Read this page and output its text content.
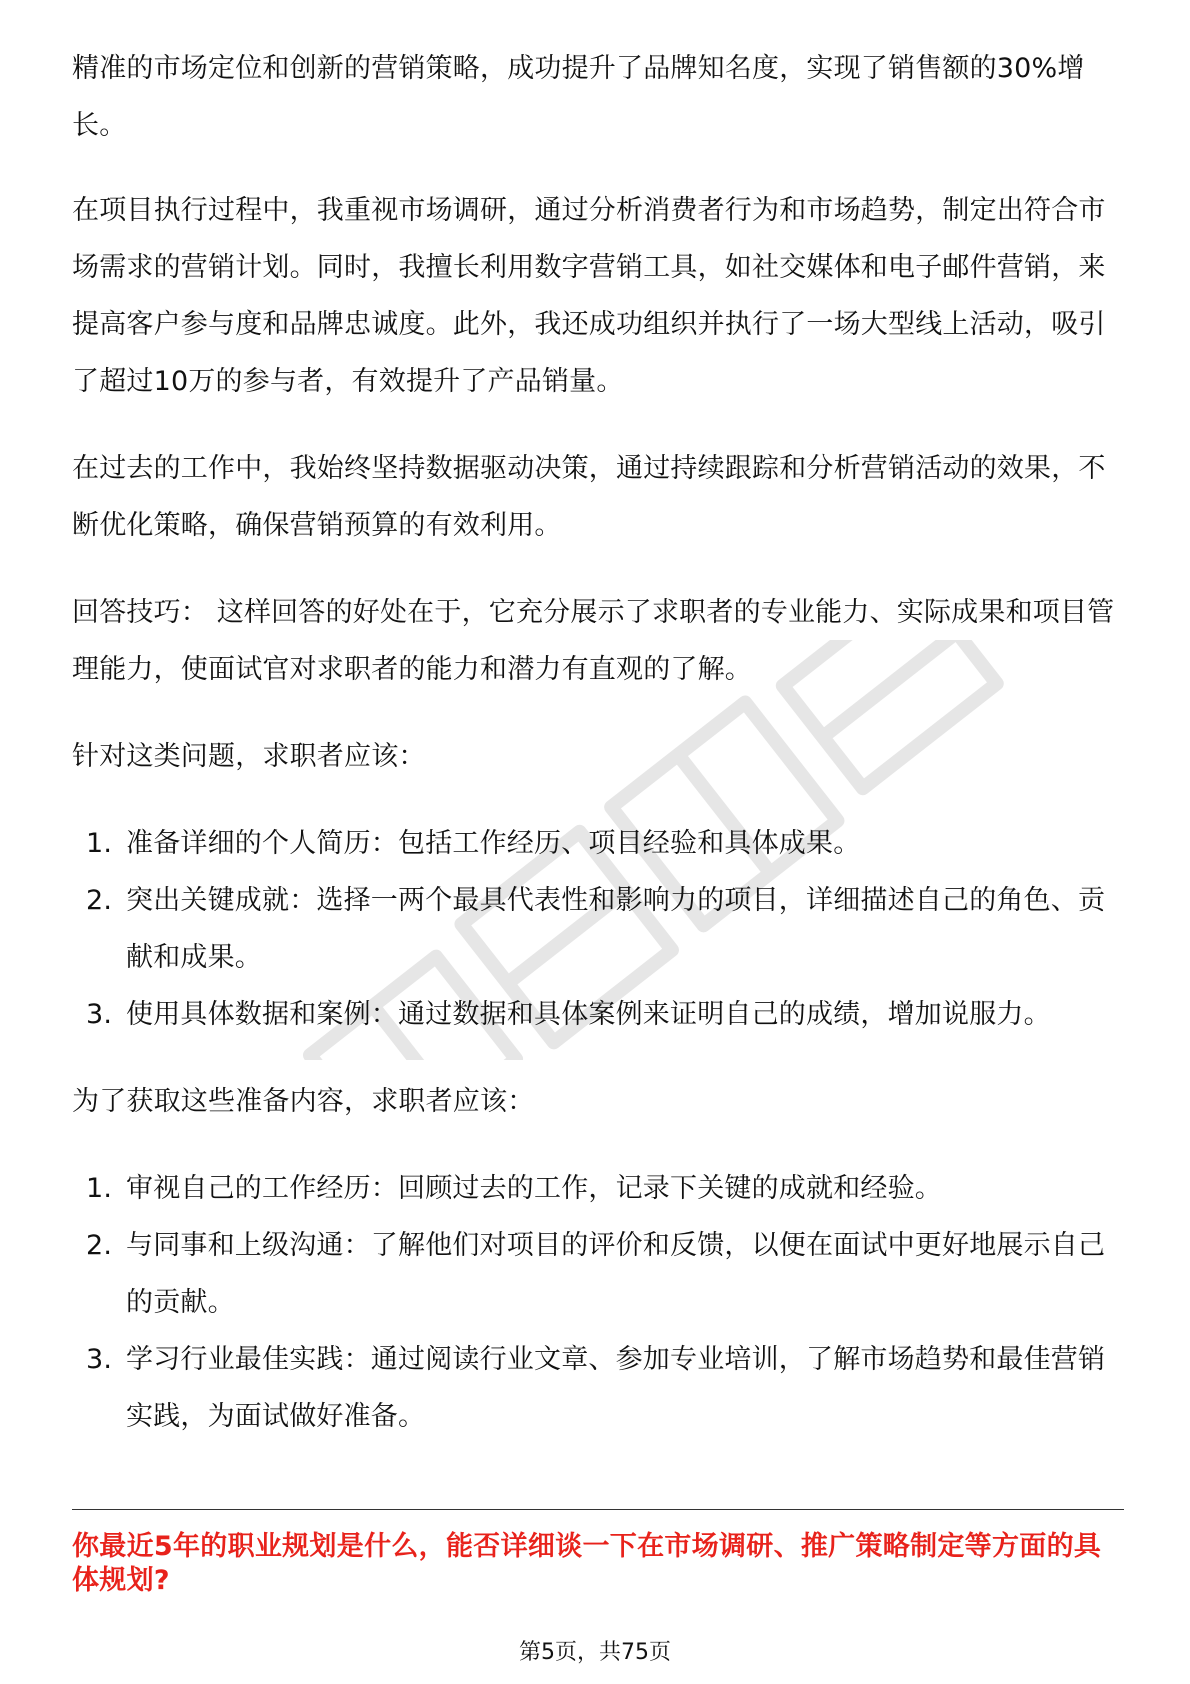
精准的市场定位和创新的营销策略，成功提升了品牌知名度，实现了销售额的30%增长。

在项目执行过程中，我重视市场调研，通过分析消费者行为和市场趋势，制定出符合市场需求的营销计划。同时，我擅长利用数字营销工具，如社交媒体和电子邮件营销，来提高客户参与度和品牌忠诚度。此外，我还成功组织并执行了一场大型线上活动，吸引了超过10万的参与者，有效提升了产品销量。

在过去的工作中，我始终坚持数据驱动决策，通过持续跟踪和分析营销活动的效果，不断优化策略，确保营销预算的有效利用。

回答技巧： 这样回答的好处在于，它充分展示了求职者的专业能力、实际成果和项目管理能力，使面试官对求职者的能力和潜力有直观的了解。

针对这类问题，求职者应该：

1. 准备详细的个人简历：包括工作经历、项目经验和具体成果。
2. 突出关键成就：选择一两个最具代表性和影响力的项目，详细描述自己的角色、贡献和成果。
3. 使用具体数据和案例：通过数据和具体案例来证明自己的成绩，增加说服力。

为了获取这些准备内容，求职者应该：

1. 审视自己的工作经历：回顾过去的工作，记录下关键的成就和经验。
2. 与同事和上级沟通：了解他们对项目的评价和反馈，以便在面试中更好地展示自己的贡献。
3. 学习行业最佳实践：通过阅读行业文章、参加专业培训，了解市场趋势和最佳营销实践，为面试做好准备。
你最近5年的职业规划是什么，能否详细谈一下在市场调研、推广策略制定等方面的具体规划?
第5页，共75页
